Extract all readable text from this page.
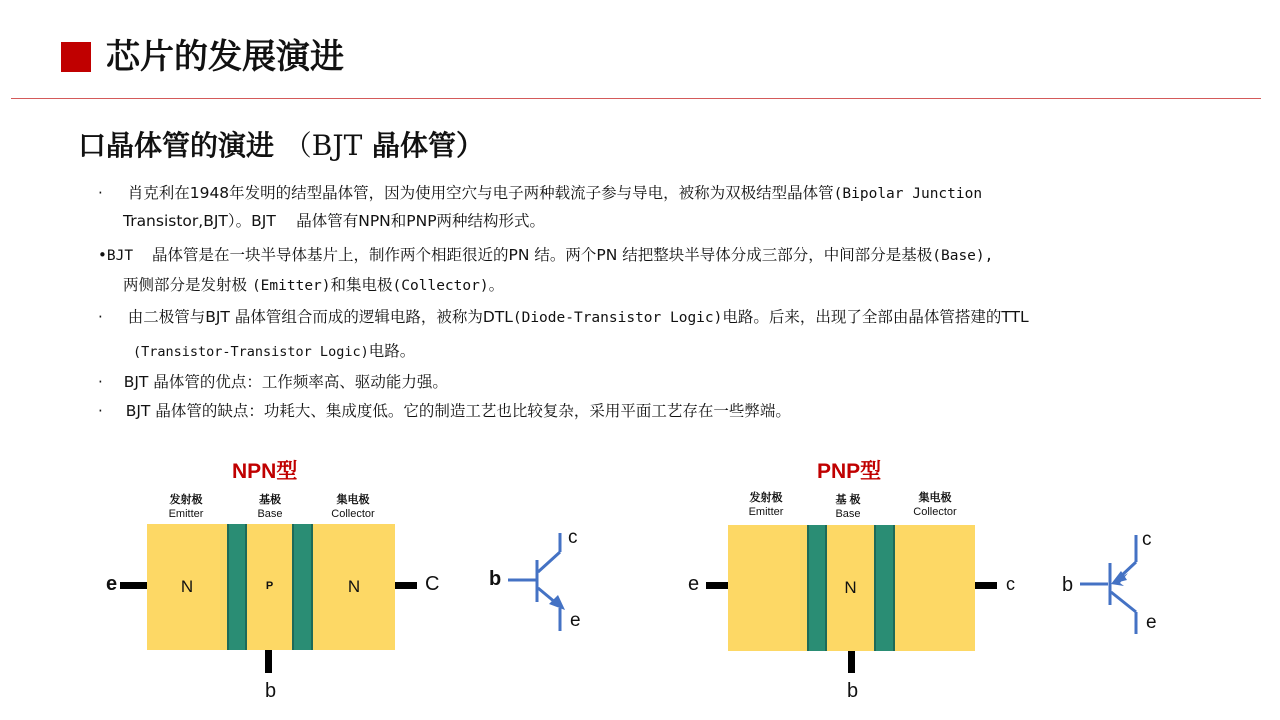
芯片的发展演进
口晶体管的演进 （BJT 晶体管）
· 肖克利在1948年发明的结型晶体管，因为使用空穴与电子两种载流子参与导电，被称为双极结型晶体管(Bipolar Junction
Transistor,BJT）。BJT　 晶体管有NPN和PNP两种结构形式。
•BJT 晶体管是在一块半导体基片上，制作两个相距很近的PN 结。两个PN 结把整块半导体分成三部分，中间部分是基极(Base),
两侧部分是发射极 (Emitter)和集电极(Collector)。
· 由二极管与BJT 晶体管组合而成的逻辑电路，被称为DTL(Diode-Transistor Logic)电路。后来，出现了全部由晶体管搭建的TTL
(Transistor-Transistor Logic)电路。
· BJT 晶体管的优点：工作频率高、驱动能力强。
· BJT 晶体管的缺点：功耗大、集成度低。它的制造工艺也比较复杂，采用平面工艺存在一些弊端。
NPN型
发射极
Emitter
基极
Base
集电极
Collector
N	P	N
e	C
b
c
b
e
PNP型
发射极
Emitter
基 极
Base
集电极
Collector
N
e	c
b
c
b
e
